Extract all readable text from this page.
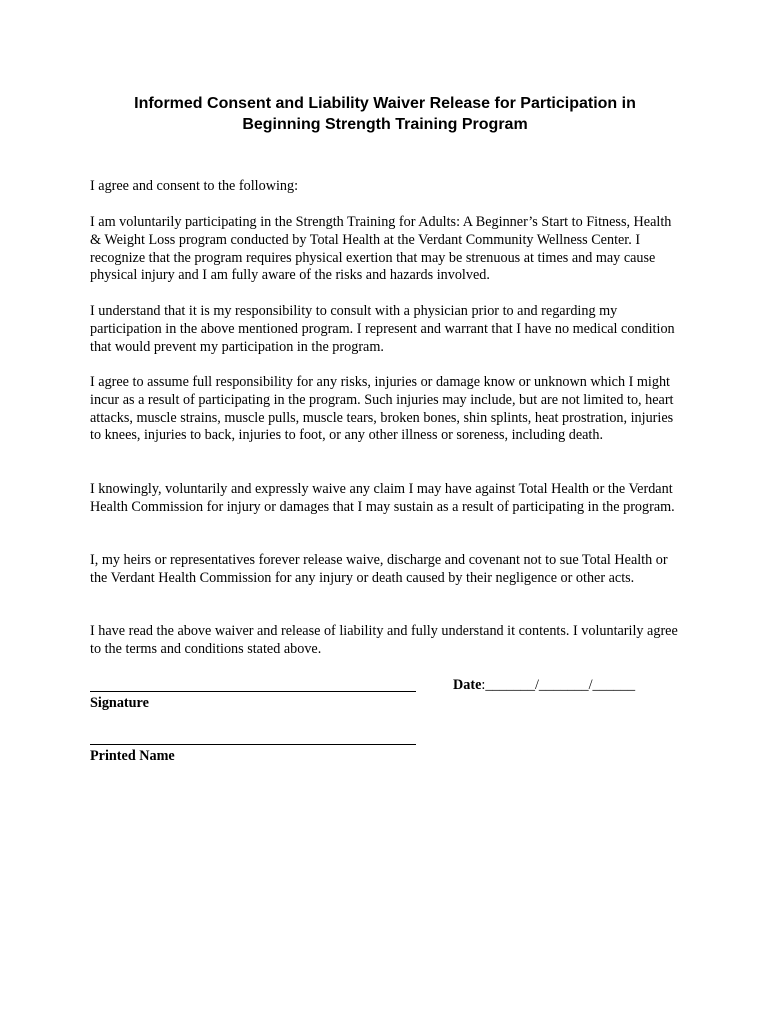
Informed Consent and Liability Waiver Release for Participation in
Beginning Strength Training Program
I agree and consent to the following:
I am voluntarily participating in the Strength Training for Adults: A Beginner’s Start to Fitness, Health & Weight Loss program conducted by Total Health at the Verdant Community Wellness Center. I recognize that the program requires physical exertion that may be strenuous at times and may cause physical injury and I am fully aware of the risks and hazards involved.
I understand that it is my responsibility to consult with a physician prior to and regarding my participation in the above mentioned program. I represent and warrant that I have no medical condition that would prevent my participation in the program.
I agree to assume full responsibility for any risks, injuries or damage know or unknown which I might incur as a result of participating in the program. Such injuries may include, but are not limited to, heart attacks, muscle strains, muscle pulls, muscle tears, broken bones, shin splints, heat prostration, injuries to knees, injuries to back, injuries to foot, or any other illness or soreness, including death.
I knowingly, voluntarily and expressly waive any claim I may have against Total Health or the Verdant Health Commission for injury or damages that I may sustain as a result of participating in the program.
I, my heirs or representatives forever release waive, discharge and covenant not to sue Total Health or the Verdant Health Commission for any injury or death caused by their negligence or other acts.
I have read the above waiver and release of liability and fully understand it contents. I voluntarily agree to the terms and conditions stated above.
Date:_______/_______/______
Signature
Printed Name
